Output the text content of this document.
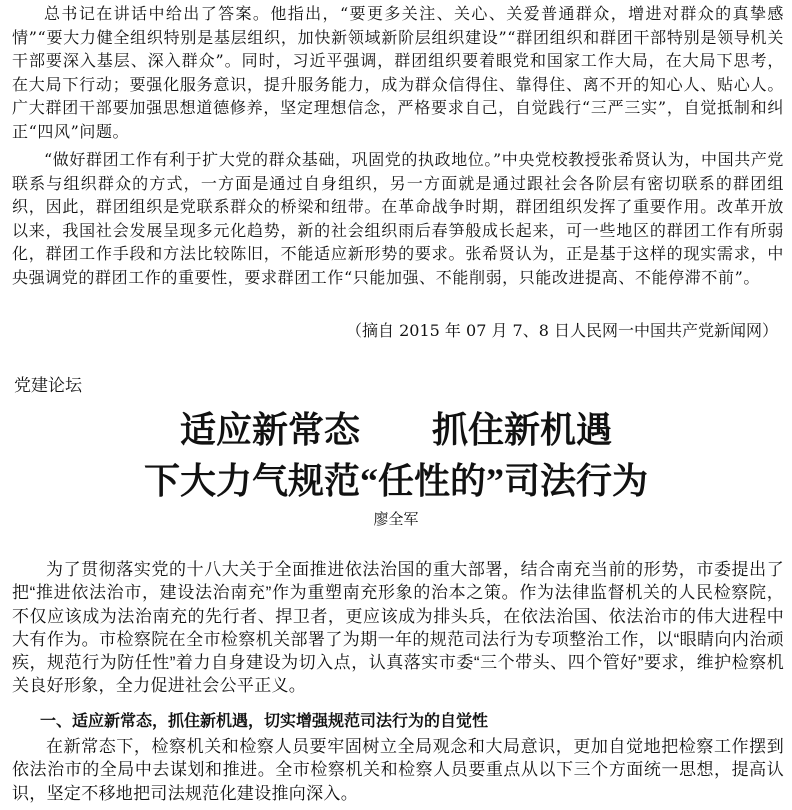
总书记在讲话中给出了答案。他指出，“要更多关注、关心、关爱普通群众，增进对群众的真挚感情”“要大力健全组织特别是基层组织，加快新领域新阶层组织建设”“群团组织和群团干部特别是领导机关干部要深入基层、深入群众”。同时，习近平强调，群团组织要着眼党和国家工作大局，在大局下思考，在大局下行动；要强化服务意识，提升服务能力，成为群众信得住、靠得住、离不开的知心人、贴心人。广大群团干部要加强思想道德修养，坚定理想信念，严格要求自己，自觉践行“三严三实”，自觉抵制和纠正“四风”问题。

“做好群团工作有利于扩大党的群众基础，巩固党的执政地位。”中央党校教授张希贤认为，中国共产党联系与组织群众的方式，一方面是通过自身组织，另一方面就是通过跟社会各阶层有密切联系的群团组织，因此，群团组织是党联系群众的桥梁和纽带。在革命战争时期，群团组织发挥了重要作用。改革开放以来，我国社会发展呈现多元化趋势，新的社会组织雨后春笋般成长起来，可一些地区的群团工作有所弱化，群团工作手段和方法比较陈旧，不能适应新形势的要求。张希贤认为，正是基于这样的现实需求，中央强调党的群团工作的重要性，要求群团工作“只能加强、不能削弱，只能改进提高、不能停滞不前”。

（摘自 2015 年 07 月 7、8 日人民网一中国共产党新闻网）

党建论坛

适应新常态　　抓住新机遇
下大力气规范“任性的”司法行为

廖全军

为了贯彻落实党的十八大关于全面推进依法治国的重大部署，结合南充当前的形势，市委提出了把“推进依法治市，建设法治南充”作为重塑南充形象的治本之策。作为法律监督机关的人民检察院，不仅应该成为法治南充的先行者、捍卫者，更应该成为排头兵，在依法治国、依法治市的伟大进程中大有作为。市检察院在全市检察机关部署了为期一年的规范司法行为专项整治工作，以“眼睛向内治顽疾，规范行为防任性”着力自身建设为切入点，认真落实市委“三个带头、四个管好”要求，维护检察机关良好形象，全力促进社会公平正义。

一、适应新常态，抓住新机遇，切实增强规范司法行为的自觉性

在新常态下，检察机关和检察人员要牢固树立全局观念和大局意识，更加自觉地把检察工作摆到依法治市的全局中去谋划和推进。全市检察机关和检察人员要重点从以下三个方面统一思想，提高认识，坚定不移地把司法规范化建设推向深入。
